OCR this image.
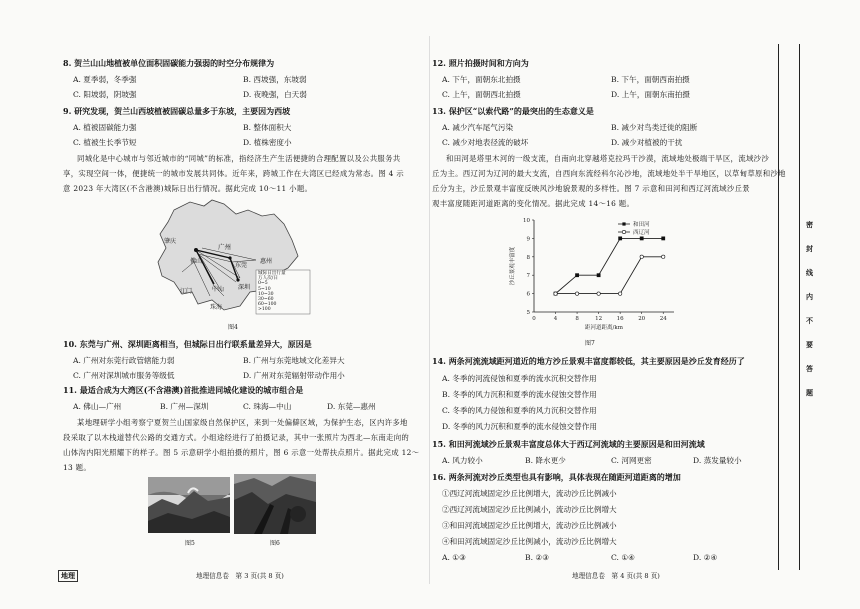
8. 贺兰山山地植被单位面积固碳能力强弱的时空分布规律为
A. 夏季弱，冬季强	B. 西坡强，东坡弱
C. 阳坡弱，阴坡强	D. 夜晚强，白天弱
9. 研究发现，贺兰山西坡植被固碳总量多于东坡，主要因为西坡
A. 植被固碳能力强	B. 整体面积大
C. 植被生长季节短	D. 植株密度小
同城化是中心城市与邻近城市的“同城”的标准，指经济生产生活便捷的合理配置以及公共服务共
享，实现空间一体，便捷统一的城市发展共同体。近年来，跨城工作在大湾区已经成为常态。图 4 示
意 2023 年大湾区(不含港澳)城际日出行情况。据此完成 10～11 小题。
广州
东莞
深圳
惠州
佛山
肇庆
江门	中山
珠海
城际日出行量
万人次/日
0~5
5~10
10~30
30~60
60~100
>100
图4
10. 东莞与广州、深圳距离相当，但城际日出行联系量差异大，原因是
A. 广州对东莞行政管辖能力弱	B. 广州与东莞地域文化差异大
C. 广州对深圳城市服务等级低	D. 广州对东莞辐射带动作用小
11. 最适合成为大湾区(不含港澳)首批推进同城化建设的城市组合是
A. 佛山—广州	B. 广州—深圳	C. 珠海—中山	D. 东莞—惠州
某地理研学小组考察宁夏贺兰山国家级自然保护区，来到一处偏僻区域，为保护生态，区内许多地
段采取了以木栈道替代公路的交通方式。小组途经进行了拍摄记录，其中一张照片为西北—东南走向的
山体沟内阳光照耀下的样子。图 5 示意研学小组拍摄的照片，图 6 示意一处帮扶点照片。据此完成 12～
13 题。
图5	图6
地理信息卷　第 3 页(共 8 页)
地理
12. 照片拍摄时间和方向为
A. 下午，面朝东北拍摄	B. 下午，面朝西南拍摄
C. 上午，面朝西北拍摄	D. 上午，面朝东南拍摄
13. 保护区“以索代路”的最突出的生态意义是
A. 减少汽车尾气污染	B. 减少对鸟类迁徙的阻断
C. 减少对地表径流的破坏	D. 减少对植被的干扰
和田河是塔里木河的一级支流，自南向北穿越塔克拉玛干沙漠，流域地处极端干旱区，流域沙沙
丘为主。西辽河为辽河的最大支流，自西向东流经科尔沁沙地，流域地处半干旱地区，以草甸草原和沙地
丘分为主，沙丘景观丰富度反映风沙地貌景观的多样性。图 7 示意和田河和西辽河流域沙丘景
观丰富度随距河道距离的变化情况。据此完成 14～16 题。
5
6
7
8
9
10
4	8	12	16	20	24
0
距河道距离/km
沙丘景观丰富度
和田河
西辽河
图7
14. 两条河流流域距河道近的地方沙丘景观丰富度都较低，其主要原因是沙丘发育经历了
A. 冬季的河流侵蚀和夏季的流水沉积交替作用
B. 冬季的风力沉积和夏季的流水侵蚀交替作用
C. 冬季的风力侵蚀和夏季的风力沉积交替作用
D. 冬季的风力沉积和夏季的流水侵蚀交替作用
15. 和田河流域沙丘景观丰富度总体大于西辽河流域的主要原因是和田河流域
A. 风力较小	B. 降水更少	C. 河网更密	D. 蒸发量较小
16. 两条河流对沙丘类型也具有影响，具体表现在随距河道距离的增加
①西辽河流域固定沙丘比例增大，流动沙丘比例减小
②西辽河流域固定沙丘比例减小，流动沙丘比例增大
③和田河流域固定沙丘比例增大，流动沙丘比例减小
④和田河流域固定沙丘比例减小，流动沙丘比例增大
A. ①③	B. ②③	C. ①④	D. ②④
地理信息卷　第 4 页(共 8 页)
密
封
线
内
不
要
答
题
